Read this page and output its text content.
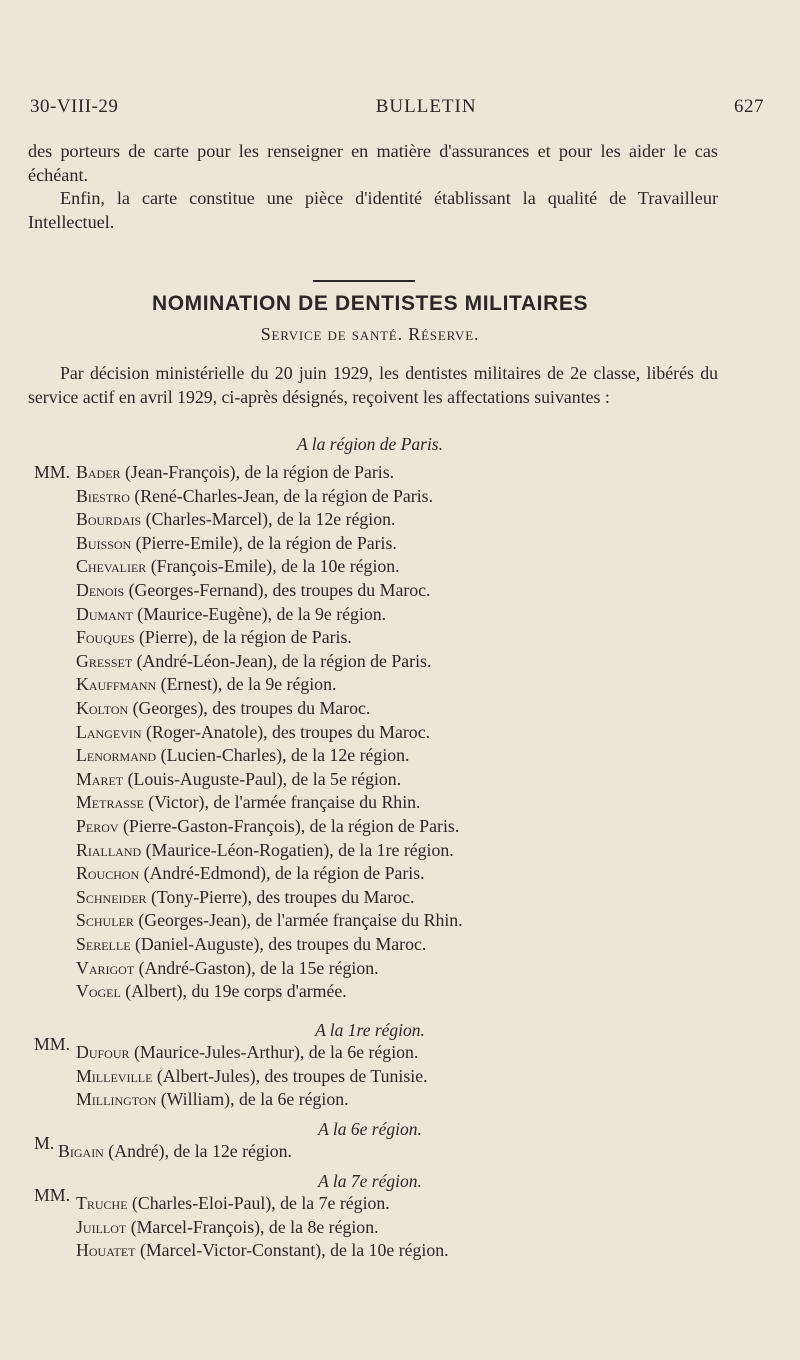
30-VIII-29	BULLETIN	627

des porteurs de carte pour les renseigner en matière d'assurances et pour les aider le cas échéant.

Enfin, la carte constitue une pièce d'identité établissant la qualité de Travailleur Intellectuel.

NOMINATION DE DENTISTES MILITAIRES
Service de santé. Réserve.
Par décision ministérielle du 20 juin 1929, les dentistes militaires de 2e classe, libérés du service actif en avril 1929, ci-après désignés, reçoivent les affectations suivantes :
A la région de Paris.
MM. Bader (Jean-François), de la région de Paris.
Biestro (René-Charles-Jean, de la région de Paris.
Bourdais (Charles-Marcel), de la 12e région.
Buisson (Pierre-Emile), de la région de Paris.
Chevalier (François-Emile), de la 10e région.
Denois (Georges-Fernand), des troupes du Maroc.
Dumant (Maurice-Eugène), de la 9e région.
Fouques (Pierre), de la région de Paris.
Gresset (André-Léon-Jean), de la région de Paris.
Kauffmann (Ernest), de la 9e région.
Kolton (Georges), des troupes du Maroc.
Langevin (Roger-Anatole), des troupes du Maroc.
Lenormand (Lucien-Charles), de la 12e région.
Maret (Louis-Auguste-Paul), de la 5e région.
Metrasse (Victor), de l'armée française du Rhin.
Perov (Pierre-Gaston-François), de la région de Paris.
Rialland (Maurice-Léon-Rogatien), de la 1re région.
Rouchon (André-Edmond), de la région de Paris.
Schneider (Tony-Pierre), des troupes du Maroc.
Schuler (Georges-Jean), de l'armée française du Rhin.
Serelle (Daniel-Auguste), des troupes du Maroc.
Varigot (André-Gaston), de la 15e région.
Vogel (Albert), du 19e corps d'armée.
A la 1re région.
MM. Dufour (Maurice-Jules-Arthur), de la 6e région.
Milleville (Albert-Jules), des troupes de Tunisie.
Millington (William), de la 6e région.
A la 6e région.
M. Bigain (André), de la 12e région.
A la 7e région.
MM. Truche (Charles-Eloi-Paul), de la 7e région.
Juillot (Marcel-François), de la 8e région.
Houatet (Marcel-Victor-Constant), de la 10e région.
